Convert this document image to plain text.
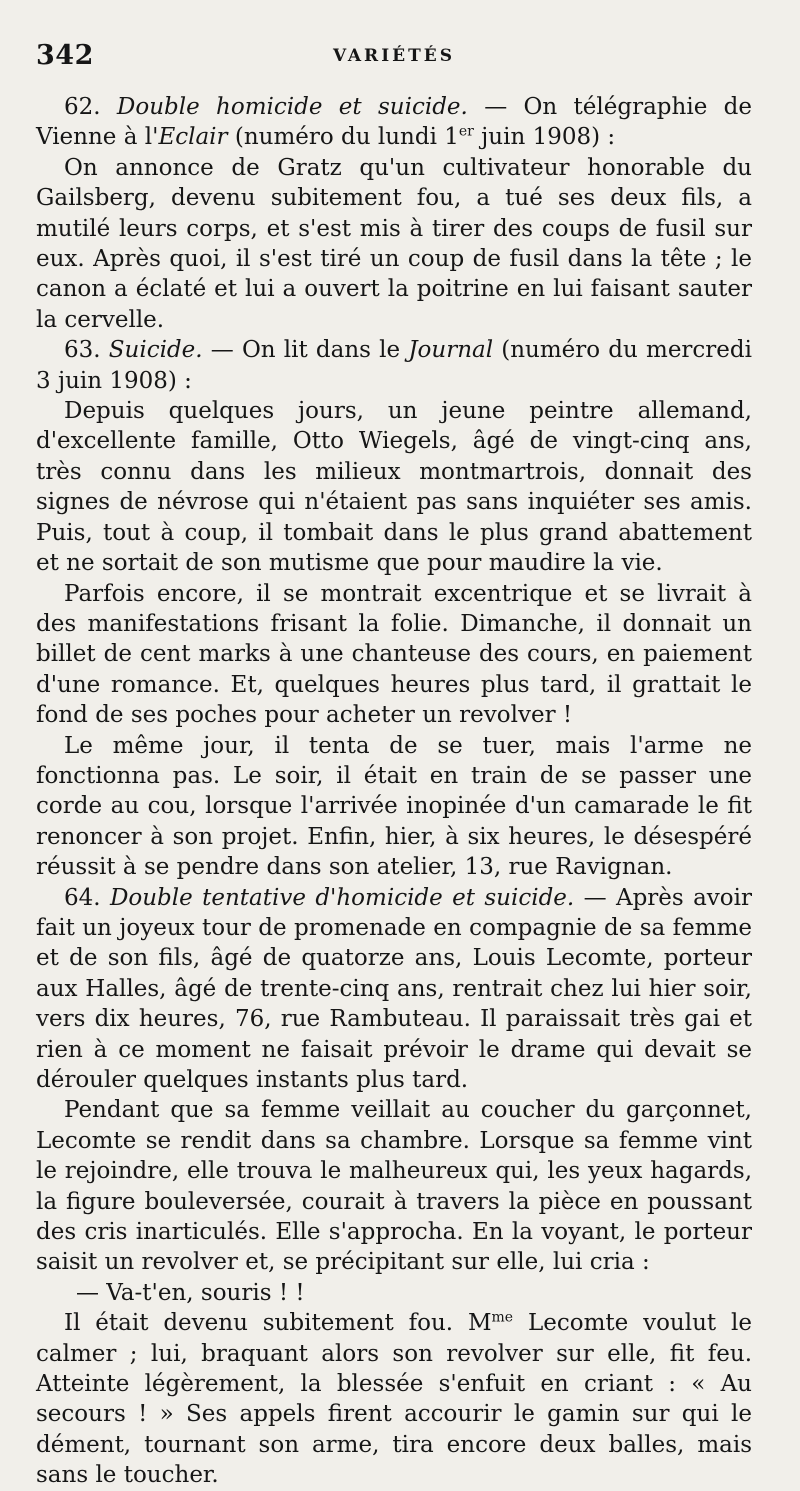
342	VARIÉTÉS

62. Double homicide et suicide. — On télégraphie de Vienne à l'Eclair (numéro du lundi 1er juin 1908) :

On annonce de Gratz qu'un cultivateur honorable du Gailsberg, devenu subitement fou, a tué ses deux fils, a mutilé leurs corps, et s'est mis à tirer des coups de fusil sur eux. Après quoi, il s'est tiré un coup de fusil dans la tête ; le canon a éclaté et lui a ouvert la poitrine en lui faisant sauter la cervelle.

63. Suicide. — On lit dans le Journal (numéro du mercredi 3 juin 1908) :

Depuis quelques jours, un jeune peintre allemand, d'excellente famille, Otto Wiegels, âgé de vingt-cinq ans, très connu dans les milieux montmartrois, donnait des signes de névrose qui n'étaient pas sans inquiéter ses amis. Puis, tout à coup, il tombait dans le plus grand abattement et ne sortait de son mutisme que pour maudire la vie.

Parfois encore, il se montrait excentrique et se livrait à des manifestations frisant la folie. Dimanche, il donnait un billet de cent marks à une chanteuse des cours, en paiement d'une romance. Et, quelques heures plus tard, il grattait le fond de ses poches pour acheter un revolver !

Le même jour, il tenta de se tuer, mais l'arme ne fonctionna pas. Le soir, il était en train de se passer une corde au cou, lorsque l'arrivée inopinée d'un camarade le fit renoncer à son projet. Enfin, hier, à six heures, le désespéré réussit à se pendre dans son atelier, 13, rue Ravignan.

64. Double tentative d'homicide et suicide. — Après avoir fait un joyeux tour de promenade en compagnie de sa femme et de son fils, âgé de quatorze ans, Louis Lecomte, porteur aux Halles, âgé de trente-cinq ans, rentrait chez lui hier soir, vers dix heures, 76, rue Rambuteau. Il paraissait très gai et rien à ce moment ne faisait prévoir le drame qui devait se dérouler quelques instants plus tard.

Pendant que sa femme veillait au coucher du garçonnet, Lecomte se rendit dans sa chambre. Lorsque sa femme vint le rejoindre, elle trouva le malheureux qui, les yeux hagards, la figure bouleversée, courait à travers la pièce en poussant des cris inarticulés. Elle s'approcha. En la voyant, le porteur saisit un revolver et, se précipitant sur elle, lui cria :

— Va-t'en, souris ! !

Il était devenu subitement fou. $M^{me}$ Lecomte voulut le calmer ; lui, braquant alors son revolver sur elle, fit feu. Atteinte légèrement, la blessée s'enfuit en criant : « Au secours ! » Ses appels firent accourir le gamin sur qui le dément, tournant son arme, tira encore deux balles, mais sans le toucher.
